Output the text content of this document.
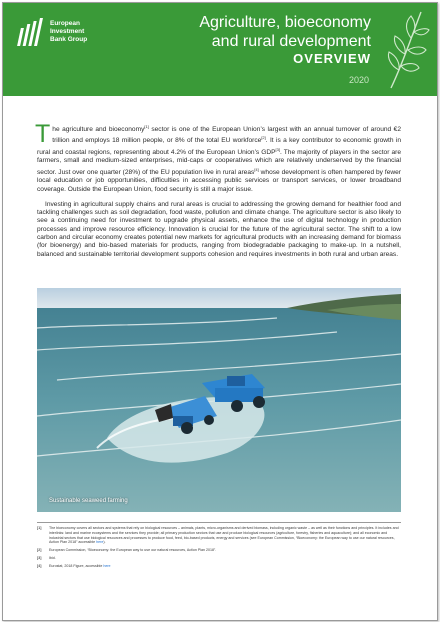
European
Investment
Bank Group
Agriculture, bioeconomy
and rural development
OVERVIEW
2020

The agriculture and bioeconomy[1] sector is one of the European Union’s largest with an annual turnover of around €2 trillion and employs 18 million people, or 8% of the total EU workforce[2]. It is a key contributor to economic growth in rural and coastal regions, representing about 4.2% of the European Union’s GDP[3]. The majority of players in the sector are farmers, small and medium-sized enterprises, mid-caps or cooperatives which are relatively underserved by the financial sector. Just over one quarter (28%) of the EU population live in rural areas[4] whose development is often hampered by fewer local education or job opportunities, difficulties in accessing public services or transport services, or lower broadband coverage. Outside the European Union, food security is still a major issue.

Investing in agricultural supply chains and rural areas is crucial to addressing the growing demand for healthier food and tackling challenges such as soil degradation, food waste, pollution and climate change. The agriculture sector is also likely to see a continuing need for investment to upgrade physical assets, enhance the use of digital technology in production processes and improve resource efficiency. Innovation is crucial for the future of the agricultural sector. The shift to a low carbon and circular economy creates potential new markets for agricultural products with an increasing demand for biomass (for bioenergy) and bio-based materials for products, ranging from biodegradable packaging to make-up. In a nutshell, balanced and sustainable territorial development supports cohesion and requires investments in both rural and urban areas.

Sustainable seaweed farming
[1]	The bioeconomy covers all sectors and systems that rely on biological resources – animals, plants, micro-organisms and derived biomass, including organic waste – as well as their functions and principles. It includes and interlinks: land and marine ecosystems and the services they provide; all primary production sectors that use and produce biological resources (agriculture, forestry, fisheries and aquaculture); and all economic and industrial sectors that use biological resources and processes to produce food, feed, bio-based products, energy and services (see European Commission, “Bioeconomy: the European way to use our natural resources, Action Plan 2018” accessible here).
[2]	European Commission, “Bioeconomy: the European way to use our natural resources, Action Plan 2018”.
[3]	Ibid.
[4]	Eurostat, 2018 Figure, accessible here
